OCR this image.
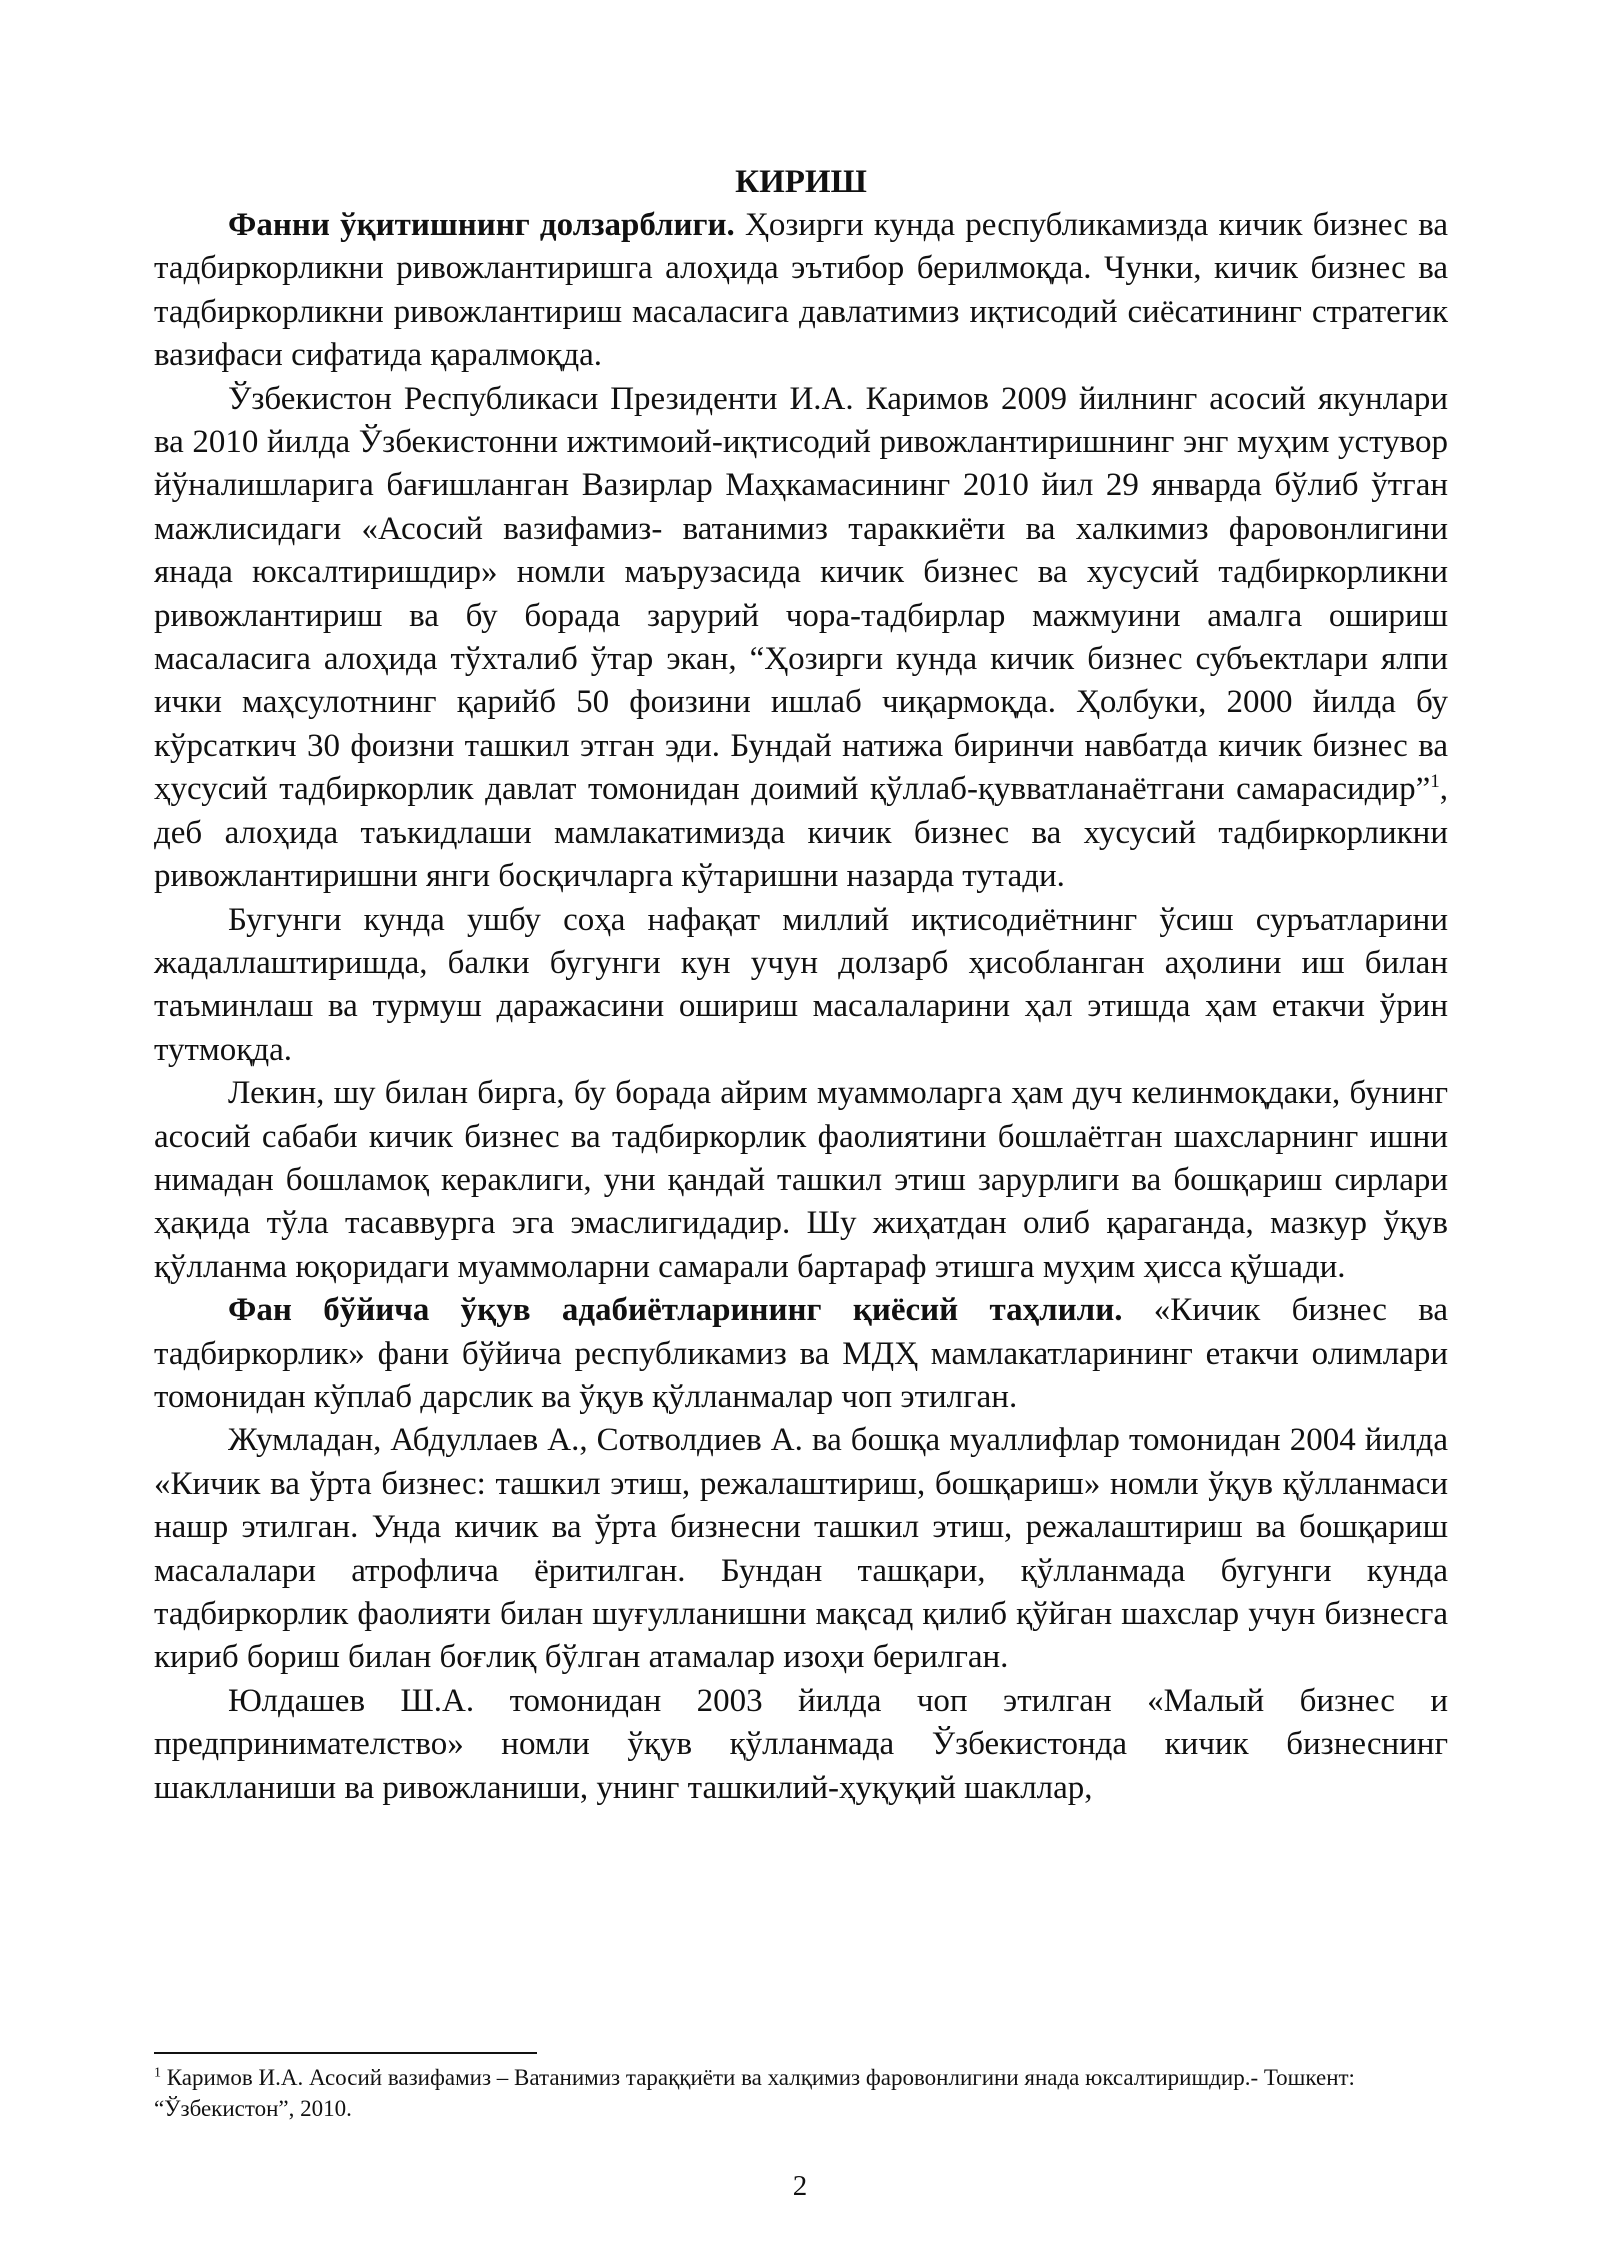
КИРИШ

Фанни ўқитишнинг долзарблиги. Ҳозирги кунда республикамизда кичик бизнес ва тадбиркорликни ривожлантиришга алоҳида эътибор берилмоқда. Чунки, кичик бизнес ва тадбиркорликни ривожлантириш масаласига давлатимиз иқтисодий сиёсатининг стратегик вазифаси сифатида қаралмоқда.

Ўзбекистон Республикаси Президенти И.А. Каримов 2009 йилнинг асосий якунлари ва 2010 йилда Ўзбекистонни ижтимоий-иқтисодий ривожлантиришнинг энг муҳим устувор йўналишларига бағишланган Вазирлар Маҳкамасининг 2010 йил 29 январда бўлиб ўтган мажлисидаги «Асосий вазифамиз- ватанимиз тараккиёти ва халкимиз фаровонлигини янада юксалтиришдир» номли маърузасида кичик бизнес ва хусусий тадбиркорликни ривожлантириш ва бу борада зарурий чора-тадбирлар мажмуини амалга ошириш масаласига алоҳида тўхталиб ўтар экан, “Ҳозирги кунда кичик бизнес субъектлари ялпи ички маҳсулотнинг қарийб 50 фоизини ишлаб чиқармоқда. Ҳолбуки, 2000 йилда бу кўрсаткич 30 фоизни ташкил этган эди. Бундай натижа биринчи навбатда кичик бизнес ва ҳусусий тадбиркорлик давлат томонидан доимий қўллаб-қувватланаётгани самарасидир”$^1$, деб алоҳида таъкидлаши мамлакатимизда кичик бизнес ва хусусий тадбиркорликни ривожлантиришни янги босқичларга кўтаришни назарда тутади.

Бугунги кунда ушбу соҳа нафақат миллий иқтисодиётнинг ўсиш суръатларини жадаллаштиришда, балки бугунги кун учун долзарб ҳисобланган аҳолини иш билан таъминлаш ва турмуш даражасини ошириш масалаларини ҳал этишда ҳам етакчи ўрин тутмоқда.

Лекин, шу билан бирга, бу борада айрим муаммоларга ҳам дуч келинмоқдаки, бунинг асосий сабаби кичик бизнес ва тадбиркорлик фаолиятини бошлаётган шахсларнинг ишни нимадан бошламоқ кераклиги, уни қандай ташкил этиш зарурлиги ва бошқариш сирлари ҳақида тўла тасаввурга эга эмаслигидадир. Шу жиҳатдан олиб қараганда, мазкур ўқув қўлланма юқоридаги муаммоларни самарали бартараф этишга муҳим ҳисса қўшади.

Фан бўйича ўқув адабиётларининг қиёсий таҳлили. «Кичик бизнес ва тадбиркорлик» фани бўйича республикамиз ва МДҲ мамлакатларининг етакчи олимлари томонидан кўплаб дарслик ва ўқув қўлланмалар чоп этилган.

Жумладан, Абдуллаев А., Сотволдиев А. ва бошқа муаллифлар томонидан 2004 йилда «Кичик ва ўрта бизнес: ташкил этиш, режалаштириш, бошқариш» номли ўқув қўлланмаси нашр этилган. Унда кичик ва ўрта бизнесни ташкил этиш, режалаштириш ва бошқариш масалалари атрофлича ёритилган. Бундан ташқари, қўлланмада бугунги кунда тадбиркорлик фаолияти билан шуғулланишни мақсад қилиб қўйган шахслар учун бизнесга кириб бориш билан боғлиқ бўлган атамалар изоҳи берилган.

Юлдашев Ш.А. томонидан 2003 йилда чоп этилган «Малый бизнес и предпринимателство» номли ўқув қўлланмада Ўзбекистонда кичик бизнеснинг шаклланиши ва ривожланиши, унинг ташкилий-ҳуқуқий шакллар,

$^1$ Каримов И.А. Асосий вазифамиз – Ватанимиз тараққиёти ва халқимиз фаровонлигини янада юксалтиришдир.- Тошкент: “Ўзбекистон”, 2010.

2
